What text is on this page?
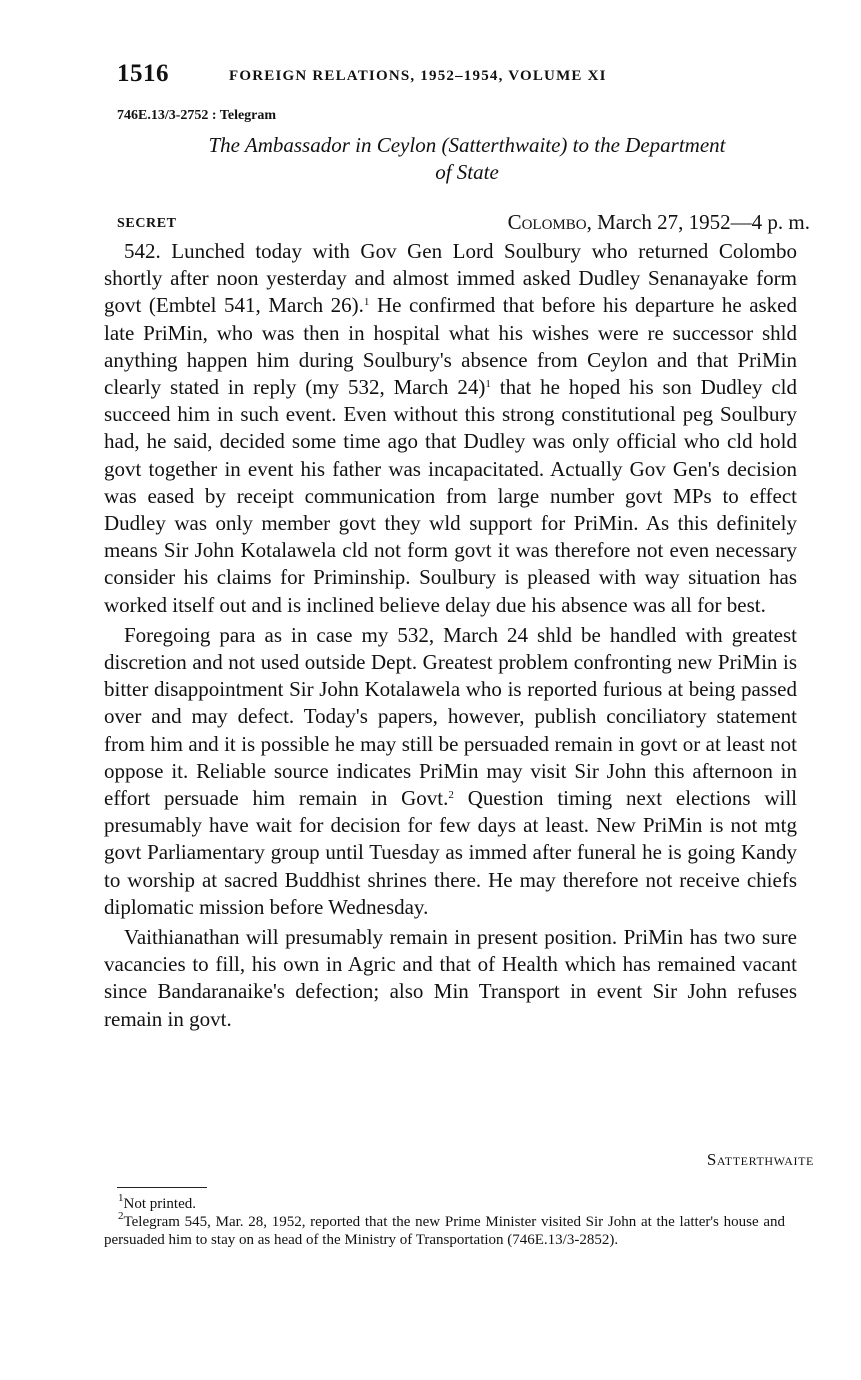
1516	FOREIGN RELATIONS, 1952–1954, VOLUME XI
746E.13/3-2752 : Telegram
The Ambassador in Ceylon (Satterthwaite) to the Department
of State
SECRET	Colombo, March 27, 1952—4 p. m.

542. Lunched today with Gov Gen Lord Soulbury who returned Colombo shortly after noon yesterday and almost immed asked Dudley Senanayake form govt (Embtel 541, March 26).$^1$ He confirmed that before his departure he asked late PriMin, who was then in hospital what his wishes were re successor shld anything happen him during Soulbury's absence from Ceylon and that PriMin clearly stated in reply (my 532, March 24)$^1$ that he hoped his son Dudley cld succeed him in such event. Even without this strong constitutional peg Soulbury had, he said, decided some time ago that Dudley was only official who cld hold govt together in event his father was incapacitated. Actually Gov Gen's decision was eased by receipt communication from large number govt MPs to effect Dudley was only member govt they wld support for PriMin. As this definitely means Sir John Kotalawela cld not form govt it was therefore not even necessary consider his claims for Priminship. Soulbury is pleased with way situation has worked itself out and is inclined believe delay due his absence was all for best.

Foregoing para as in case my 532, March 24 shld be handled with greatest discretion and not used outside Dept. Greatest problem confronting new PriMin is bitter disappointment Sir John Kotalawela who is reported furious at being passed over and may defect. Today's papers, however, publish conciliatory statement from him and it is possible he may still be persuaded remain in govt or at least not oppose it. Reliable source indicates PriMin may visit Sir John this afternoon in effort persuade him remain in Govt.$^2$ Question timing next elections will presumably have wait for decision for few days at least. New PriMin is not mtg govt Parliamentary group until Tuesday as immed after funeral he is going Kandy to worship at sacred Buddhist shrines there. He may therefore not receive chiefs diplomatic mission before Wednesday.

Vaithianathan will presumably remain in present position. PriMin has two sure vacancies to fill, his own in Agric and that of Health which has remained vacant since Bandaranaike's defection; also Min Transport in event Sir John refuses remain in govt.

Satterthwaite

$^1$Not printed.

$^2$Telegram 545, Mar. 28, 1952, reported that the new Prime Minister visited Sir John at the latter's house and persuaded him to stay on as head of the Ministry of Transportation (746E.13/3-2852).
